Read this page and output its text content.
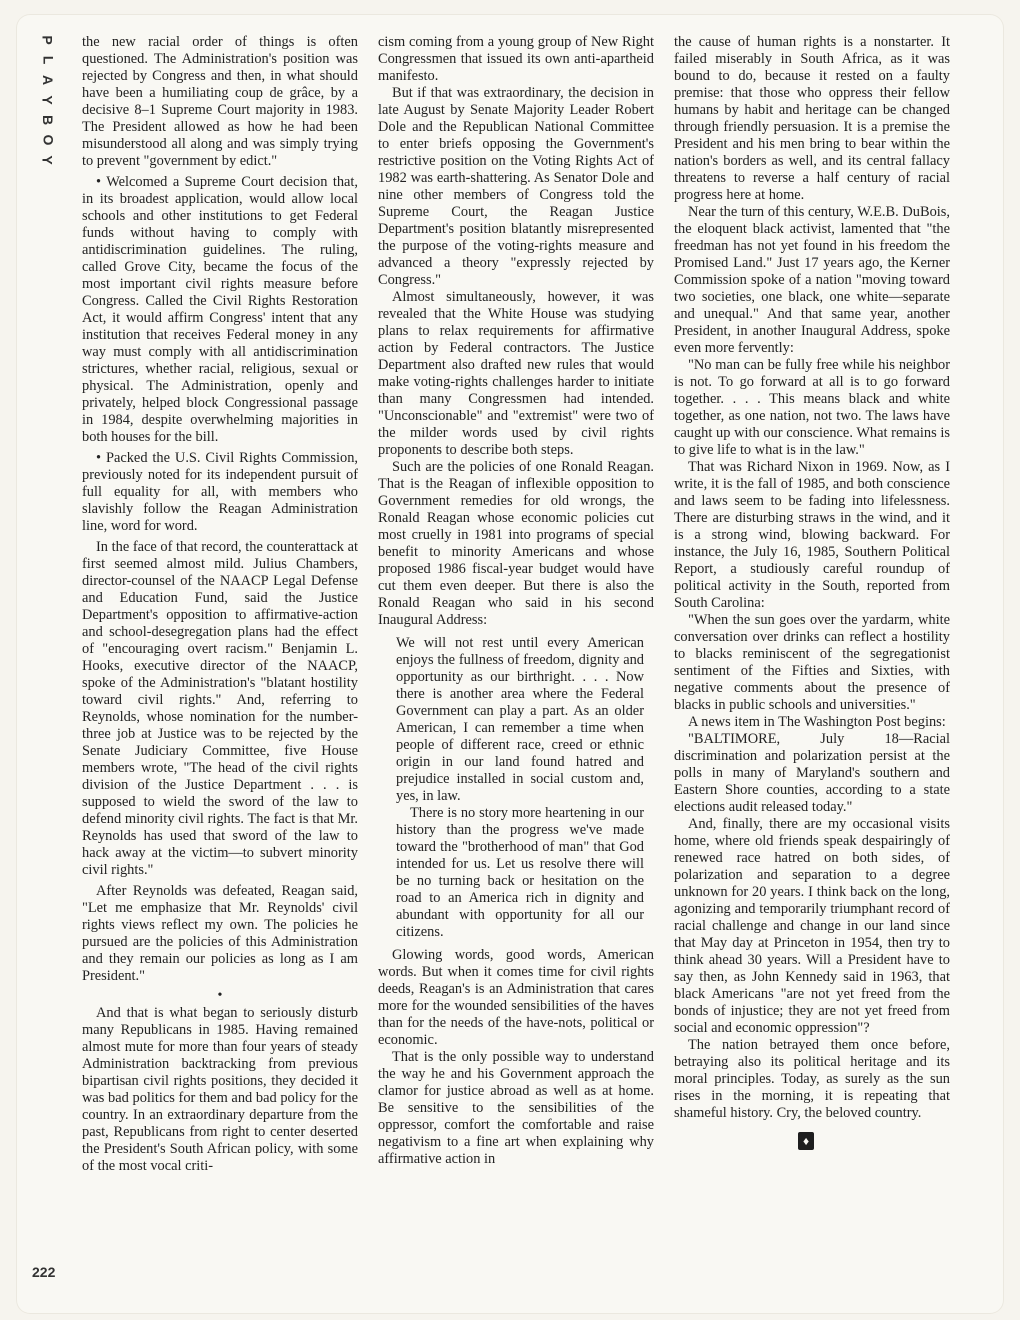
P
L
A
Y
B
O
Y
222

the new racial order of things is often questioned. The Administration's position was rejected by Congress and then, in what should have been a humiliating coup de grâce, by a decisive 8–1 Supreme Court majority in 1983. The President allowed as how he had been misunderstood all along and was simply trying to prevent "government by edict."

• Welcomed a Supreme Court decision that, in its broadest application, would allow local schools and other institutions to get Federal funds without having to comply with antidiscrimination guidelines. The ruling, called Grove City, became the focus of the most important civil rights measure before Congress. Called the Civil Rights Restoration Act, it would affirm Congress' intent that any institution that receives Federal money in any way must comply with all antidiscrimination strictures, whether racial, religious, sexual or physical. The Administration, openly and privately, helped block Congressional passage in 1984, despite overwhelming majorities in both houses for the bill.

• Packed the U.S. Civil Rights Commission, previously noted for its independent pursuit of full equality for all, with members who slavishly follow the Reagan Administration line, word for word.

In the face of that record, the counterattack at first seemed almost mild. Julius Chambers, director-counsel of the NAACP Legal Defense and Education Fund, said the Justice Department's opposition to affirmative-action and school-desegregation plans had the effect of "encouraging overt racism." Benjamin L. Hooks, executive director of the NAACP, spoke of the Administration's "blatant hostility toward civil rights." And, referring to Reynolds, whose nomination for the number-three job at Justice was to be rejected by the Senate Judiciary Committee, five House members wrote, "The head of the civil rights division of the Justice Department . . . is supposed to wield the sword of the law to defend minority civil rights. The fact is that Mr. Reynolds has used that sword of the law to hack away at the victim—to subvert minority civil rights."

After Reynolds was defeated, Reagan said, "Let me emphasize that Mr. Reynolds' civil rights views reflect my own. The policies he pursued are the policies of this Administration and they remain our policies as long as I am President."

•

And that is what began to seriously disturb many Republicans in 1985. Having remained almost mute for more than four years of steady Administration backtracking from previous bipartisan civil rights positions, they decided it was bad politics for them and bad policy for the country. In an extraordinary departure from the past, Republicans from right to center deserted the President's South African policy, with some of the most vocal criti-

cism coming from a young group of New Right Congressmen that issued its own anti-apartheid manifesto.

But if that was extraordinary, the decision in late August by Senate Majority Leader Robert Dole and the Republican National Committee to enter briefs opposing the Government's restrictive position on the Voting Rights Act of 1982 was earth-shattering. As Senator Dole and nine other members of Congress told the Supreme Court, the Reagan Justice Department's position blatantly misrepresented the purpose of the voting-rights measure and advanced a theory "expressly rejected by Congress."

Almost simultaneously, however, it was revealed that the White House was studying plans to relax requirements for affirmative action by Federal contractors. The Justice Department also drafted new rules that would make voting-rights challenges harder to initiate than many Congressmen had intended. "Unconscionable" and "extremist" were two of the milder words used by civil rights proponents to describe both steps.

Such are the policies of one Ronald Reagan. That is the Reagan of inflexible opposition to Government remedies for old wrongs, the Ronald Reagan whose economic policies cut most cruelly in 1981 into programs of special benefit to minority Americans and whose proposed 1986 fiscal-year budget would have cut them even deeper. But there is also the Ronald Reagan who said in his second Inaugural Address:

We will not rest until every American enjoys the fullness of freedom, dignity and opportunity as our birthright. . . . Now there is another area where the Federal Government can play a part. As an older American, I can remember a time when people of different race, creed or ethnic origin in our land found hatred and prejudice installed in social custom and, yes, in law.

There is no story more heartening in our history than the progress we've made toward the "brotherhood of man" that God intended for us. Let us resolve there will be no turning back or hesitation on the road to an America rich in dignity and abundant with opportunity for all our citizens.

Glowing words, good words, American words. But when it comes time for civil rights deeds, Reagan's is an Administration that cares more for the wounded sensibilities of the haves than for the needs of the have-nots, political or economic.

That is the only possible way to understand the way he and his Government approach the clamor for justice abroad as well as at home. Be sensitive to the sensibilities of the oppressor, comfort the comfortable and raise negativism to a fine art when explaining why affirmative action in

the cause of human rights is a nonstarter. It failed miserably in South Africa, as it was bound to do, because it rested on a faulty premise: that those who oppress their fellow humans by habit and heritage can be changed through friendly persuasion. It is a premise the President and his men bring to bear within the nation's borders as well, and its central fallacy threatens to reverse a half century of racial progress here at home.

Near the turn of this century, W.E.B. DuBois, the eloquent black activist, lamented that "the freedman has not yet found in his freedom the Promised Land." Just 17 years ago, the Kerner Commission spoke of a nation "moving toward two societies, one black, one white—separate and unequal." And that same year, another President, in another Inaugural Address, spoke even more fervently:

"No man can be fully free while his neighbor is not. To go forward at all is to go forward together. . . . This means black and white together, as one nation, not two. The laws have caught up with our conscience. What remains is to give life to what is in the law."

That was Richard Nixon in 1969. Now, as I write, it is the fall of 1985, and both conscience and laws seem to be fading into lifelessness. There are disturbing straws in the wind, and it is a strong wind, blowing backward. For instance, the July 16, 1985, Southern Political Report, a studiously careful roundup of political activity in the South, reported from South Carolina:

"When the sun goes over the yardarm, white conversation over drinks can reflect a hostility to blacks reminiscent of the segregationist sentiment of the Fifties and Sixties, with negative comments about the presence of blacks in public schools and universities."

A news item in The Washington Post begins:

"BALTIMORE, July 18—Racial discrimination and polarization persist at the polls in many of Maryland's southern and Eastern Shore counties, according to a state elections audit released today."

And, finally, there are my occasional visits home, where old friends speak despairingly of renewed race hatred on both sides, of polarization and separation to a degree unknown for 20 years. I think back on the long, agonizing and temporarily triumphant record of racial challenge and change in our land since that May day at Princeton in 1954, then try to think ahead 30 years. Will a President have to say then, as John Kennedy said in 1963, that black Americans "are not yet freed from the bonds of injustice; they are not yet freed from social and economic oppression"?

The nation betrayed them once before, betraying also its political heritage and its moral principles. Today, as surely as the sun rises in the morning, it is repeating that shameful history. Cry, the beloved country.

♦
